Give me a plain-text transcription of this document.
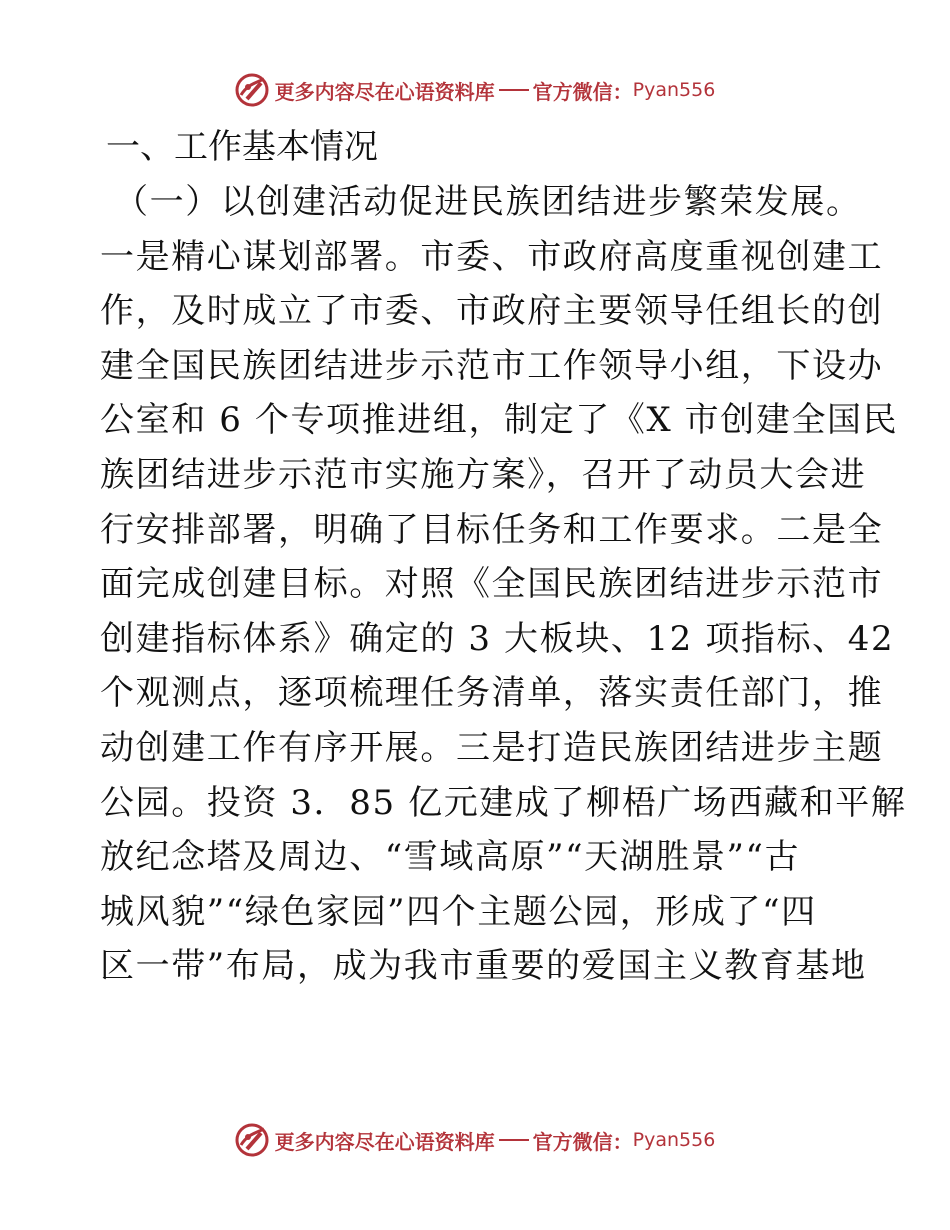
更多内容尽在心语资料库 官方微信： Pyan556
一、工作基本情况
（一）以创建活动促进民族团结进步繁荣发展。
一是精心谋划部署。市委、市政府高度重视创建工
作，及时成立了市委、市政府主要领导任组长的创
建全国民族团结进步示范市工作领导小组，下设办
公室和 6 个专项推进组，制定了《X 市创建全国民
族团结进步示范市实施方案》，召开了动员大会进
行安排部署，明确了目标任务和工作要求。二是全
面完成创建目标。对照《全国民族团结进步示范市
创建指标体系》确定的 3 大板块、12 项指标、42
个观测点，逐项梳理任务清单，落实责任部门，推
动创建工作有序开展。三是打造民族团结进步主题
公园。投资 3．85 亿元建成了柳梧广场西藏和平解
放纪念塔及周边、“雪域高原”“天湖胜景”“古
城风貌”“绿色家园”四个主题公园，形成了“四
区一带”布局，成为我市重要的爱国主义教育基地
更多内容尽在心语资料库 官方微信： Pyan556
